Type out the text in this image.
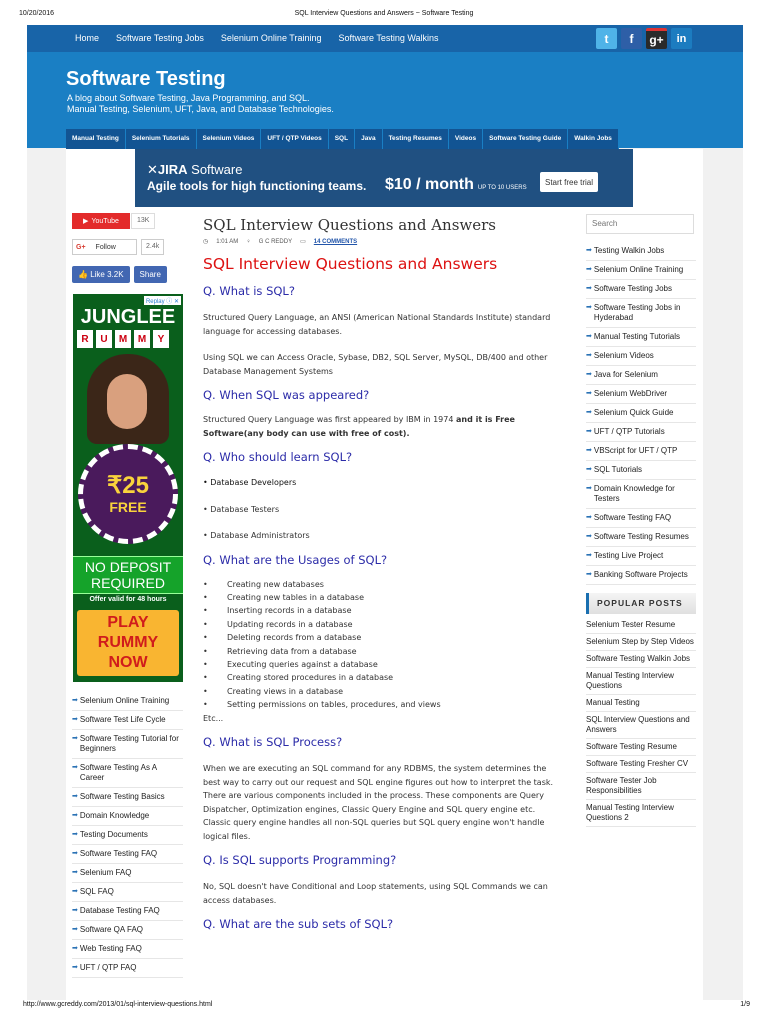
10/20/2016	SQL Interview Questions and Answers ~ Software Testing
Home Software Testing Jobs Selenium Online Training Software Testing Walkins	t	f	g+	in
Software Testing
A blog about Software Testing, Java Programming, and SQL.
Manual Testing, Selenium, UFT, Java, and Database Technologies.
Manual Testing	Selenium Tutorials	Selenium Videos	UFT / QTP Videos	SQL	Java	Testing Resumes	Videos	Software Testing Guide	Walkin Jobs
✕JIRA Software
Agile tools for high functioning teams. $10 / month UP TO 10 USERS
Start free trial
▶ YouTube	13K
G+ Follow	2.4k
👍 Like 3.2K	Share
Replay ⓘ ✕
JUNGLEE
R	U	M	M	Y
₹25
FREE
NO DEPOSIT REQUIRED
Offer valid for 48 hours
PLAY RUMMY NOW
➡ Selenium Online Training
➡ Software Test Life Cycle
➡ Software Testing Tutorial for Beginners
➡ Software Testing As A Career
➡ Software Testing Basics
➡ Domain Knowledge
➡ Testing Documents
➡ Software Testing FAQ
➡ Selenium FAQ
➡ SQL FAQ
➡ Database Testing FAQ
➡ Software QA FAQ
➡ Web Testing FAQ
➡ UFT / QTP FAQ
SQL Interview Questions and Answers
◷ 1:01 AM ♀ G C REDDY ▭ 14 COMMENTS
SQL Interview Questions and Answers
Q. What is SQL?
Structured Query Language, an ANSI (American National Standards Institute) standard language for accessing databases.
Using SQL we can Access Oracle, Sybase, DB2, SQL Server, MySQL, DB/400 and other Database Management Systems
Q. When SQL was appeared?
Structured Query Language was first appeared by IBM in 1974 and it is Free Software(any body can use with free of cost).
Q. Who should learn SQL?
• Database Developers
• Database Testers
• Database Administrators
Q. What are the Usages of SQL?
• Creating new databases
• Creating new tables in a database
• Inserting records in a database
• Updating records in a database
• Deleting records from a database
• Retrieving data from a database
• Executing queries against a database
• Creating stored procedures in a database
• Creating views in a database
• Setting permissions on tables, procedures, and views
Etc...
Q. What is SQL Process?
When we are executing an SQL command for any RDBMS, the system determines the best way to carry out our request and SQL engine figures out how to interpret the task.
There are various components included in the process. These components are Query Dispatcher, Optimization engines, Classic Query Engine and SQL query engine etc. Classic query engine handles all non-SQL queries but SQL query engine won't handle logical files.
Q. Is SQL supports Programming?
No, SQL doesn't have Conditional and Loop statements, using SQL Commands we can access databases.
Q. What are the sub sets of SQL?
Search
➡ Testing Walkin Jobs
➡ Selenium Online Training
➡ Software Testing Jobs
➡ Software Testing Jobs in Hyderabad
➡ Manual Testing Tutorials
➡ Selenium Videos
➡ Java for Selenium
➡ Selenium WebDriver
➡ Selenium Quick Guide
➡ UFT / QTP Tutorials
➡ VBScript for UFT / QTP
➡ SQL Tutorials
➡ Domain Knowledge for Testers
➡ Software Testing FAQ
➡ Software Testing Resumes
➡ Testing Live Project
➡ Banking Software Projects
POPULAR POSTS
Selenium Tester Resume
Selenium Step by Step Videos
Software Testing Walkin Jobs
Manual Testing Interview Questions
Manual Testing
SQL Interview Questions and Answers
Software Testing Resume
Software Testing Fresher CV
Software Tester Job Responsibilities
Manual Testing Interview Questions 2
http://www.gcreddy.com/2013/01/sql-interview-questions.html	1/9
